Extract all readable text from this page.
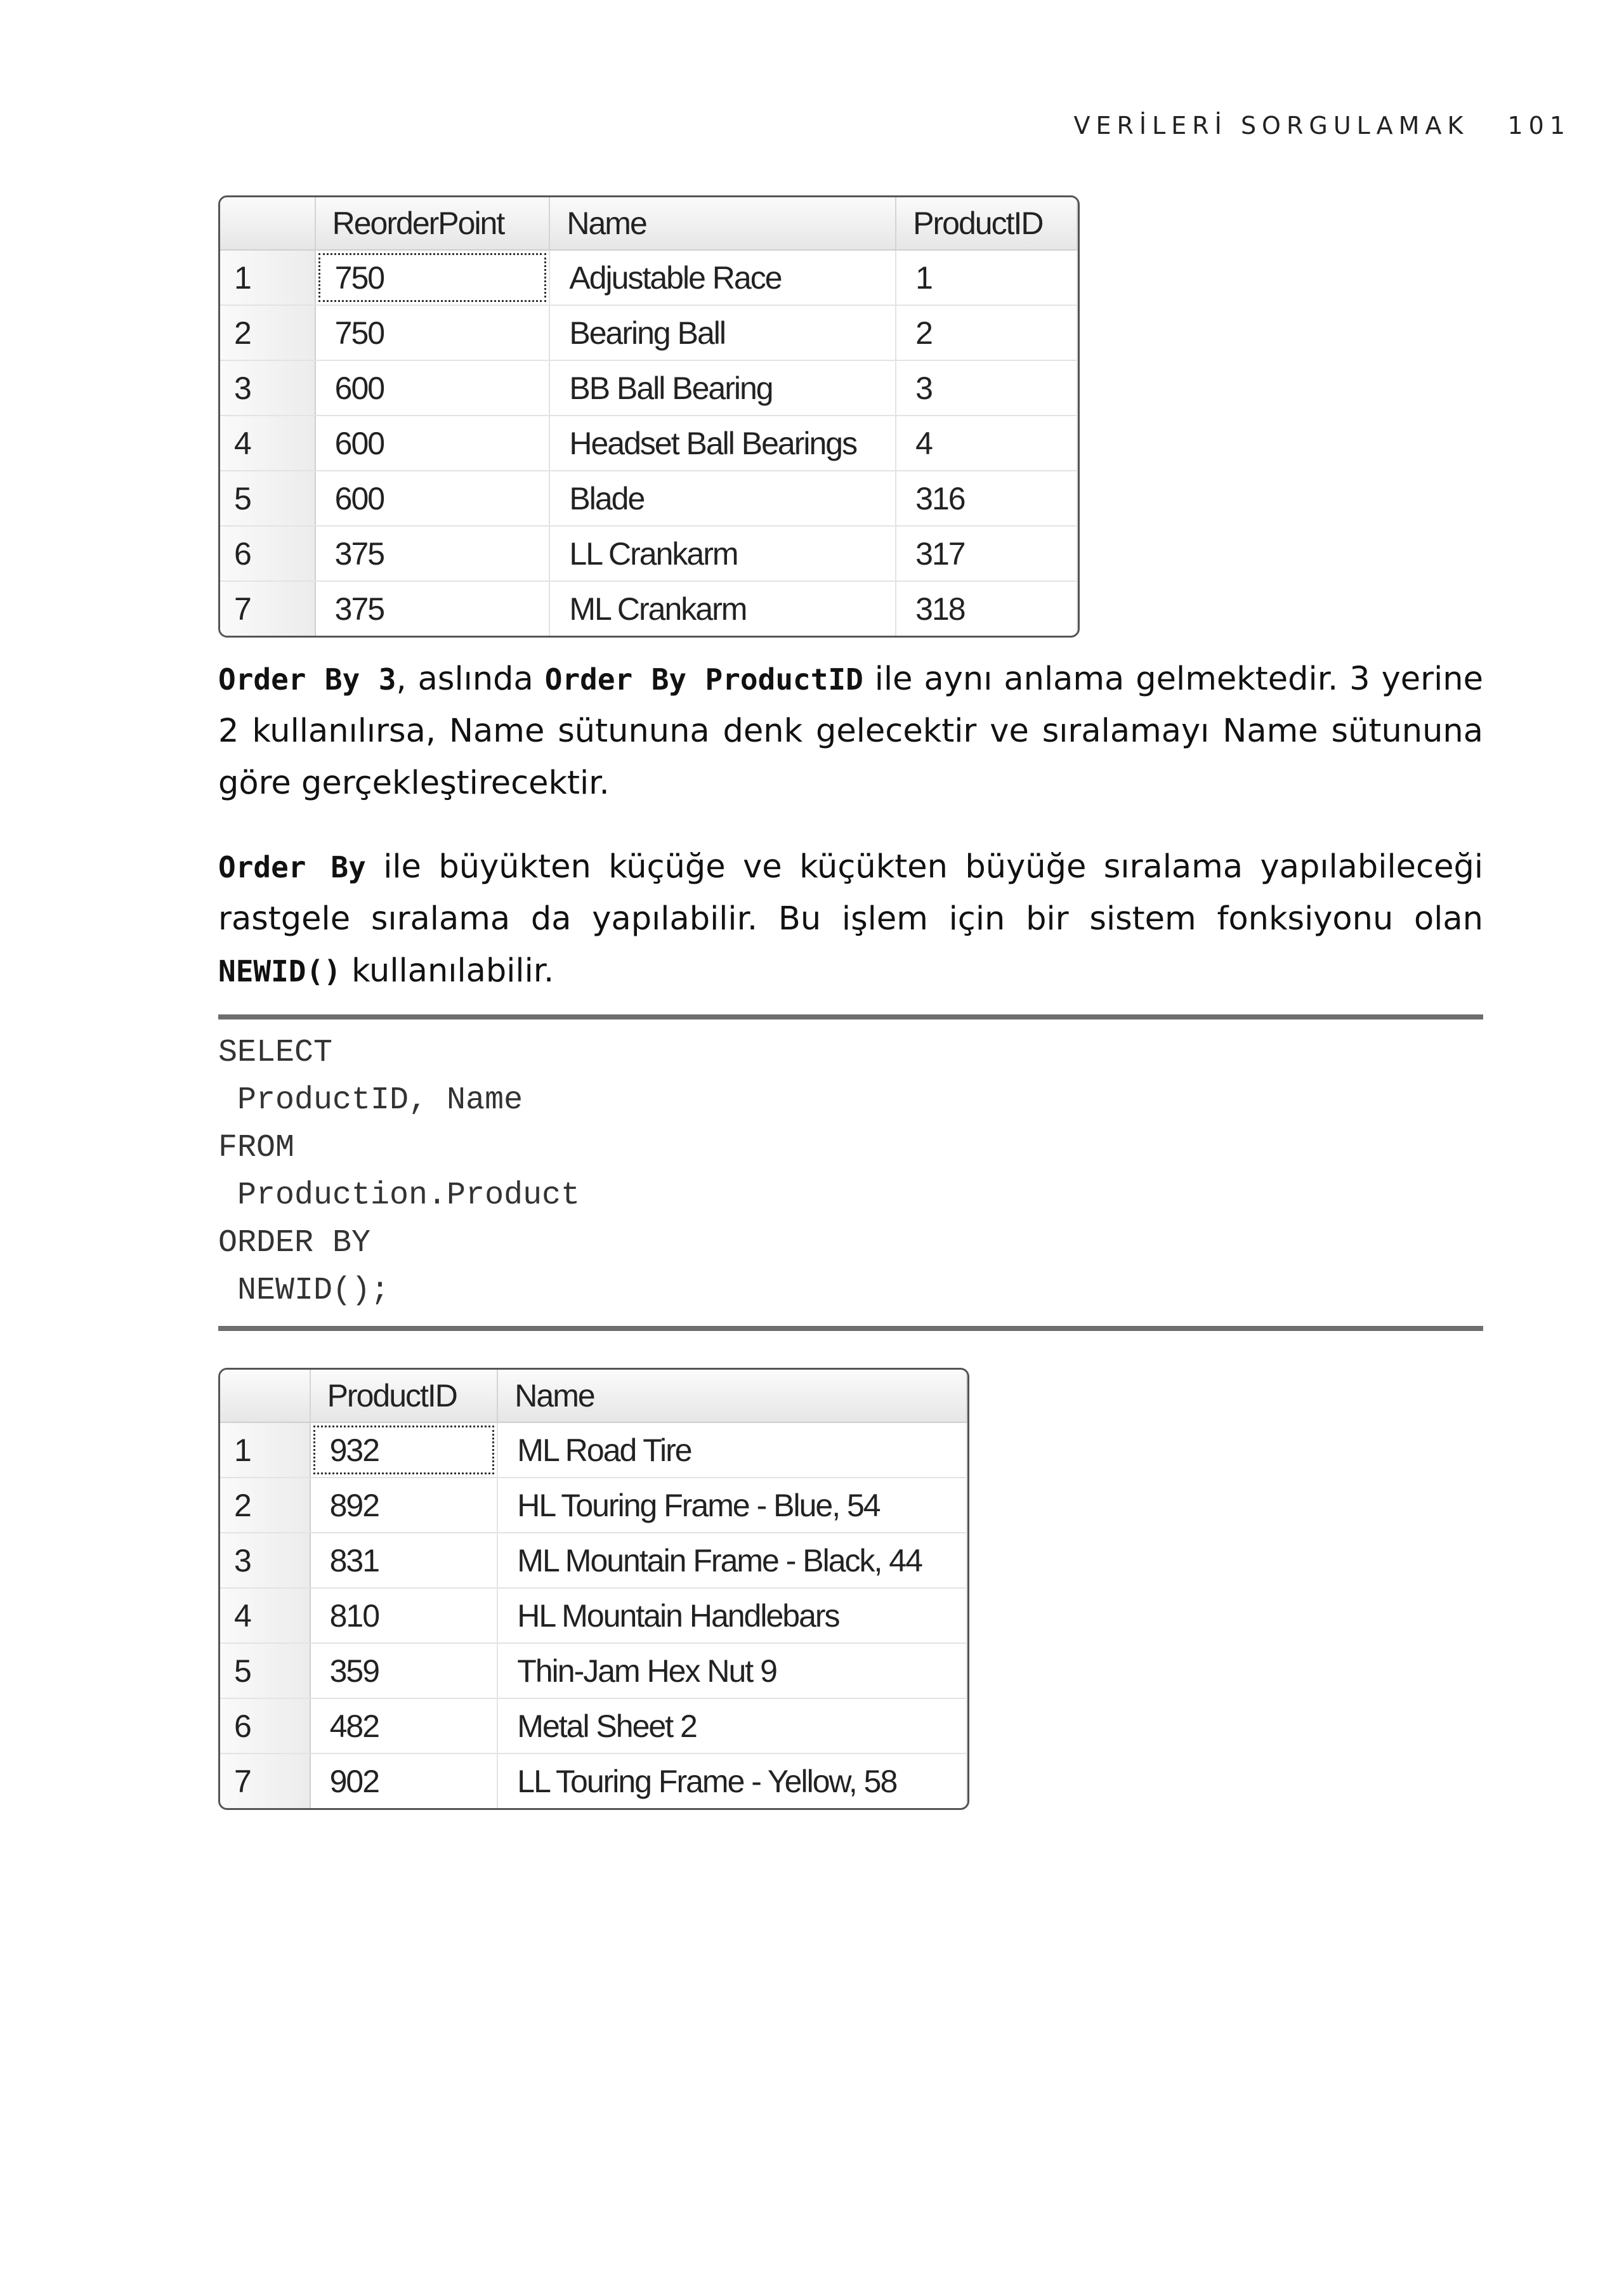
VERİLERİ SORGULAMAK 101
	ReorderPoint	Name	ProductID
1	750	Adjustable Race	1
2	750	Bearing Ball	2
3	600	BB Ball Bearing	3
4	600	Headset Ball Bearings	4
5	600	Blade	316
6	375	LL Crankarm	317
7	375	ML Crankarm	318

Order By 3, aslında Order By ProductID ile aynı anlama gelmektedir. 3 yerine 2 kullanılırsa, Name sütununa denk gelecektir ve sıralamayı Name sütununa göre gerçekleştirecektir.

Order By ile büyükten küçüğe ve küçükten büyüğe sıralama yapılabileceği rastgele sıralama da yapılabilir. Bu işlem için bir sistem fonksiyonu olan NEWID() kullanılabilir.

SELECT
ProductID, Name
FROM
Production.Product
ORDER BY
NEWID();
	ProductID	Name
1	932	ML Road Tire
2	892	HL Touring Frame - Blue, 54
3	831	ML Mountain Frame - Black, 44
4	810	HL Mountain Handlebars
5	359	Thin-Jam Hex Nut 9
6	482	Metal Sheet 2
7	902	LL Touring Frame - Yellow, 58
